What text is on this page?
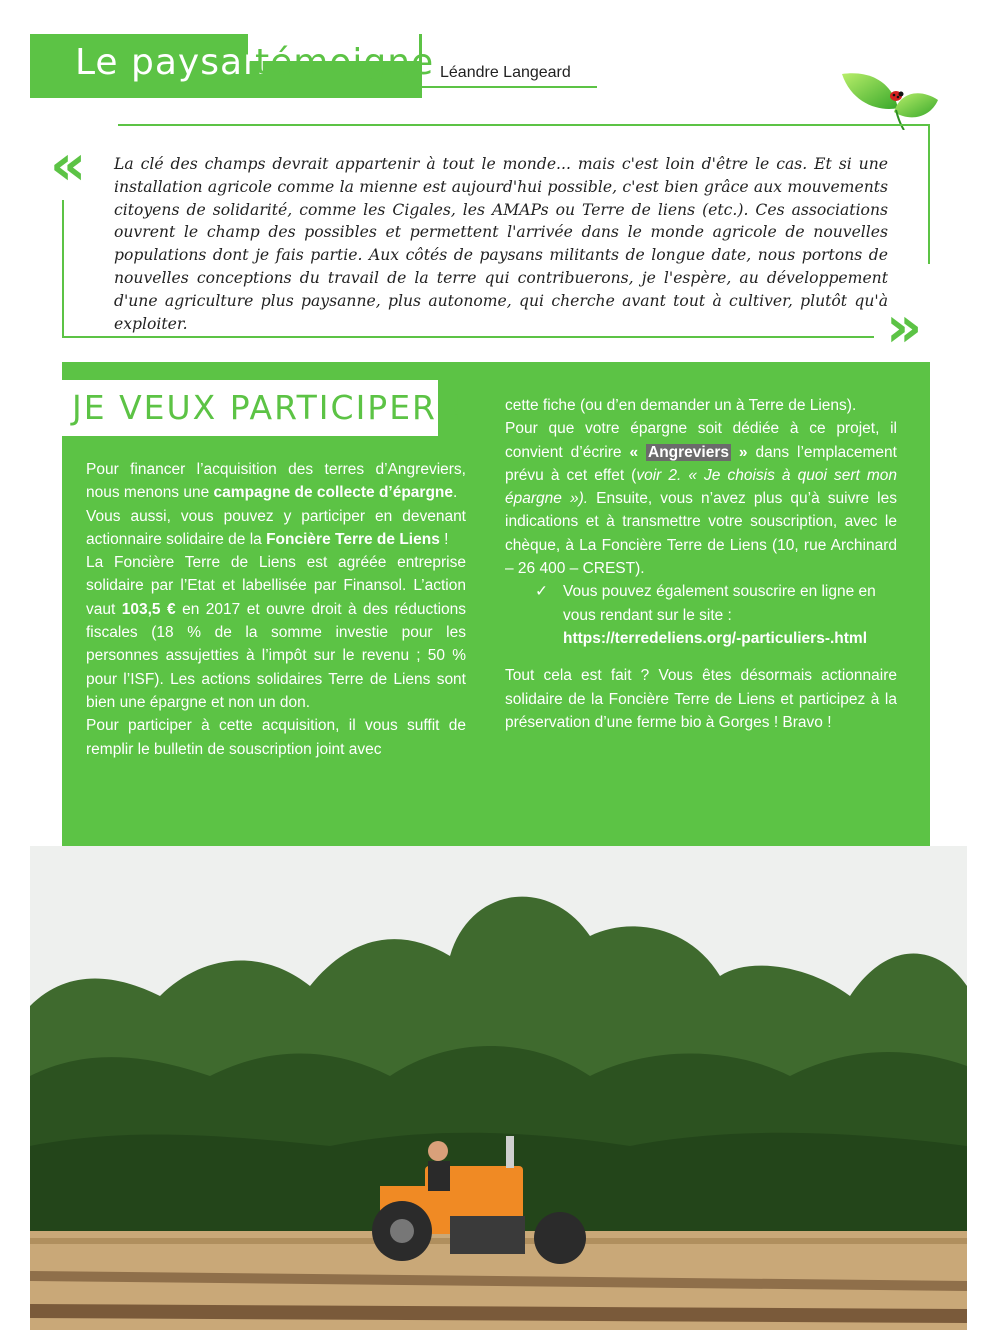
Le paysan
témoigne Léandre Langeard
«
»
La clé des champs devrait appartenir à tout le monde... mais c'est loin d'être le cas. Et si une installation agricole comme la mienne est aujourd'hui possible, c'est bien grâce aux mouvements citoyens de solidarité, comme les Cigales, les AMAPs ou Terre de liens (etc.). Ces associations ouvrent le champ des possibles et permettent l'arrivée dans le monde agricole de nouvelles populations dont je fais partie. Aux côtés de paysans militants de longue date, nous portons de nouvelles conceptions du travail de la terre qui contribuerons, je l'espère, au développement d'une agriculture plus paysanne, plus autonome, qui cherche avant tout à cultiver, plutôt qu'à exploiter.
JE VEUX PARTICIPER !

Pour financer l’acquisition des terres d’Angreviers, nous menons une campagne de collecte d’épargne.

Vous aussi, vous pouvez y participer en devenant actionnaire solidaire de la Foncière Terre de Liens !

La Foncière Terre de Liens est agréée entreprise solidaire par l’Etat et labellisée par Finansol. L’action vaut 103,5 € en 2017 et ouvre droit à des réductions fiscales (18 % de la somme investie pour les personnes assujetties à l’impôt sur le revenu ; 50 % pour l’ISF). Les actions solidaires Terre de Liens sont bien une épargne et non un don.

Pour participer à cette acquisition, il vous suffit de remplir le bulletin de souscription joint avec

cette fiche (ou d’en demander un à Terre de Liens).

Pour que votre épargne soit dédiée à ce projet, il convient d’écrire « Angreviers » dans l’emplacement prévu à cet effet (voir 2. « Je choisis à quoi sert mon épargne »). Ensuite, vous n’avez plus qu’à suivre les indications et à transmettre votre souscription, avec le chèque, à La Foncière Terre de Liens (10, rue Archinard – 26 400 – CREST).

✓ Vous pouvez également souscrire en ligne en vous rendant sur le site :
https://terredeliens.org/-particuliers-.html

Tout cela est fait ? Vous êtes désormais actionnaire solidaire de la Foncière Terre de Liens et participez à la préservation d’une ferme bio à Gorges ! Bravo !
